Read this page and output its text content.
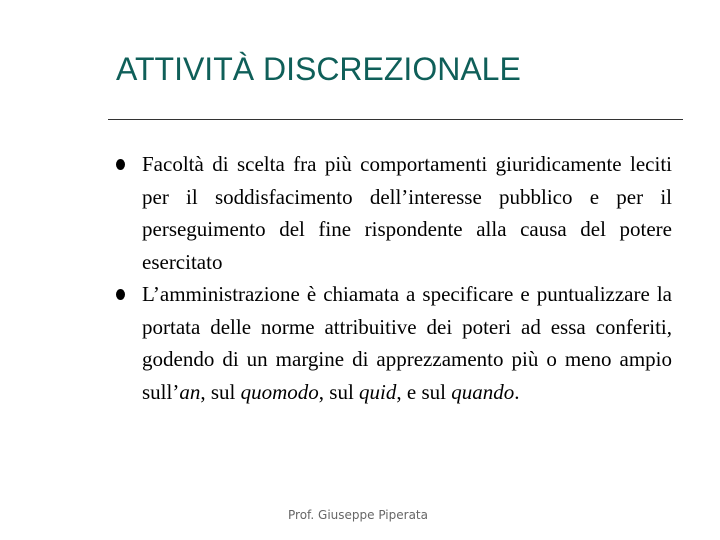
ATTIVITÀ DISCREZIONALE
Facoltà di scelta fra più comportamenti giuridicamente leciti per il soddisfacimento dell’interesse pubblico e per il perseguimento del fine rispondente alla causa del potere esercitato
L’amministrazione è chiamata a specificare e puntualizzare la portata delle norme attribuitive dei poteri ad essa conferiti, godendo di un margine di apprezzamento più o meno ampio sull’an, sul quomodo, sul quid, e sul quando.
Prof. Giuseppe Piperata
